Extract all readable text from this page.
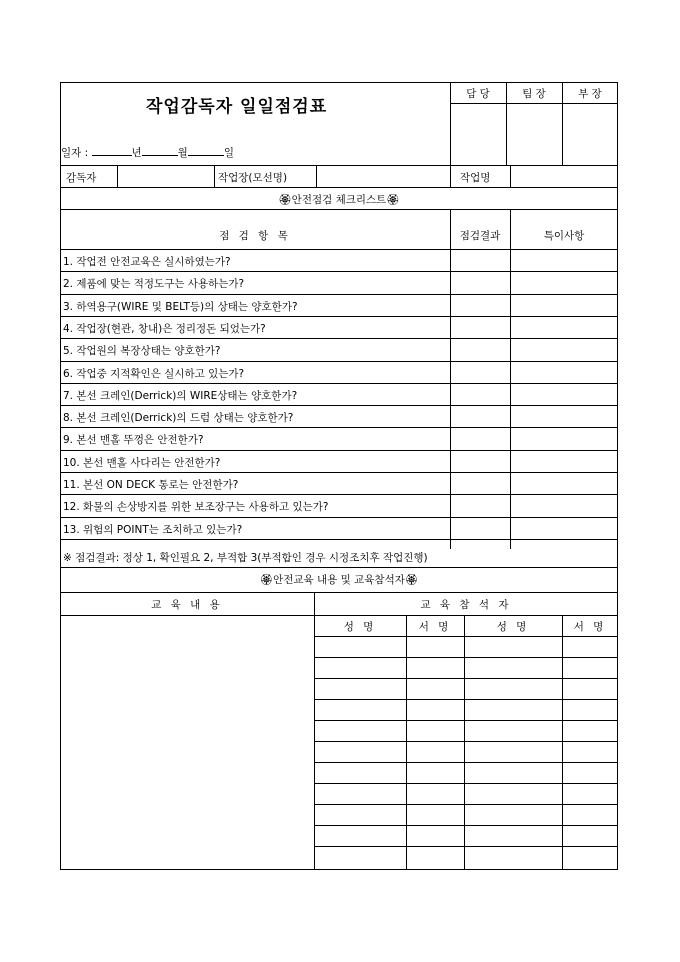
작업감독자 일일점검표
담 당	팀 장	부 장
일자 :	년	월	일
감독자	작업장(모선명)	작업명
🏵안전점검 체크리스트🏵
점 검 항 목	점검결과	특이사항
1. 작업전 안전교육은 실시하였는가?
2. 제품에 맞는 적정도구는 사용하는가?
3. 하역용구(WIRE 및 BELT등)의 상태는 양호한가?
4. 작업장(현관, 창내)은 정리정돈 되었는가?
5. 작업원의 복장상태는 양호한가?
6. 작업중 지적확인은 실시하고 있는가?
7. 본선 크레인(Derrick)의 WIRE상태는 양호한가?
8. 본선 크레인(Derrick)의 드럼 상태는 양호한가?
9. 본선 맨홀 뚜껑은 안전한가?
10. 본선 맨홀 사다리는 안전한가?
11. 본선 ON DECK 통로는 안전한가?
12. 화물의 손상방지를 위한 보조장구는 사용하고 있는가?
13. 위험의 POINT는 조치하고 있는가?
※ 점검결과: 정상 1, 확인필요 2, 부적합 3(부적합인 경우 시정조치후 작업진행)
🏵안전교육 내용 및 교육참석자🏵
교 육 내 용	교 육 참 석 자
성 명	서 명	성 명	서 명
